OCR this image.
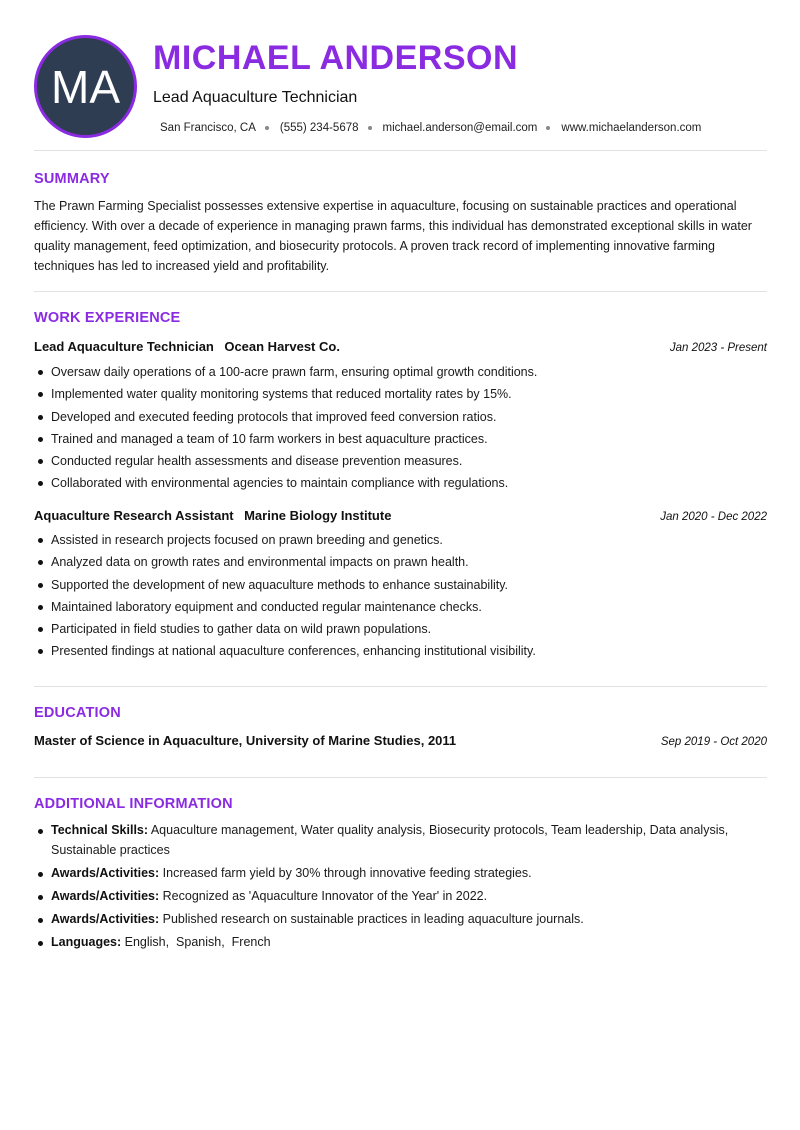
MA
MICHAEL ANDERSON
Lead Aquaculture Technician
San Francisco, CA (555) 234-5678 michael.anderson@email.com www.michaelanderson.com
SUMMARY

The Prawn Farming Specialist possesses extensive expertise in aquaculture, focusing on sustainable practices and operational efficiency. With over a decade of experience in managing prawn farms, this individual has demonstrated exceptional skills in water quality management, feed optimization, and biosecurity protocols. A proven track record of implementing innovative farming techniques has led to increased yield and profitability.

WORK EXPERIENCE
Lead Aquaculture Technician Ocean Harvest Co.	Jan 2023 - Present
Oversaw daily operations of a 100-acre prawn farm, ensuring optimal growth conditions.
Implemented water quality monitoring systems that reduced mortality rates by 15%.
Developed and executed feeding protocols that improved feed conversion ratios.
Trained and managed a team of 10 farm workers in best aquaculture practices.
Conducted regular health assessments and disease prevention measures.
Collaborated with environmental agencies to maintain compliance with regulations.
Aquaculture Research Assistant Marine Biology Institute	Jan 2020 - Dec 2022
Assisted in research projects focused on prawn breeding and genetics.
Analyzed data on growth rates and environmental impacts on prawn health.
Supported the development of new aquaculture methods to enhance sustainability.
Maintained laboratory equipment and conducted regular maintenance checks.
Participated in field studies to gather data on wild prawn populations.
Presented findings at national aquaculture conferences, enhancing institutional visibility.
EDUCATION
Master of Science in Aquaculture, University of Marine Studies, 2011	Sep 2019 - Oct 2020
ADDITIONAL INFORMATION
Technical Skills: Aquaculture management, Water quality analysis, Biosecurity protocols, Team leadership, Data analysis, Sustainable practices
Awards/Activities: Increased farm yield by 30% through innovative feeding strategies.
Awards/Activities: Recognized as 'Aquaculture Innovator of the Year' in 2022.
Awards/Activities: Published research on sustainable practices in leading aquaculture journals.
Languages: English,  Spanish,  French
